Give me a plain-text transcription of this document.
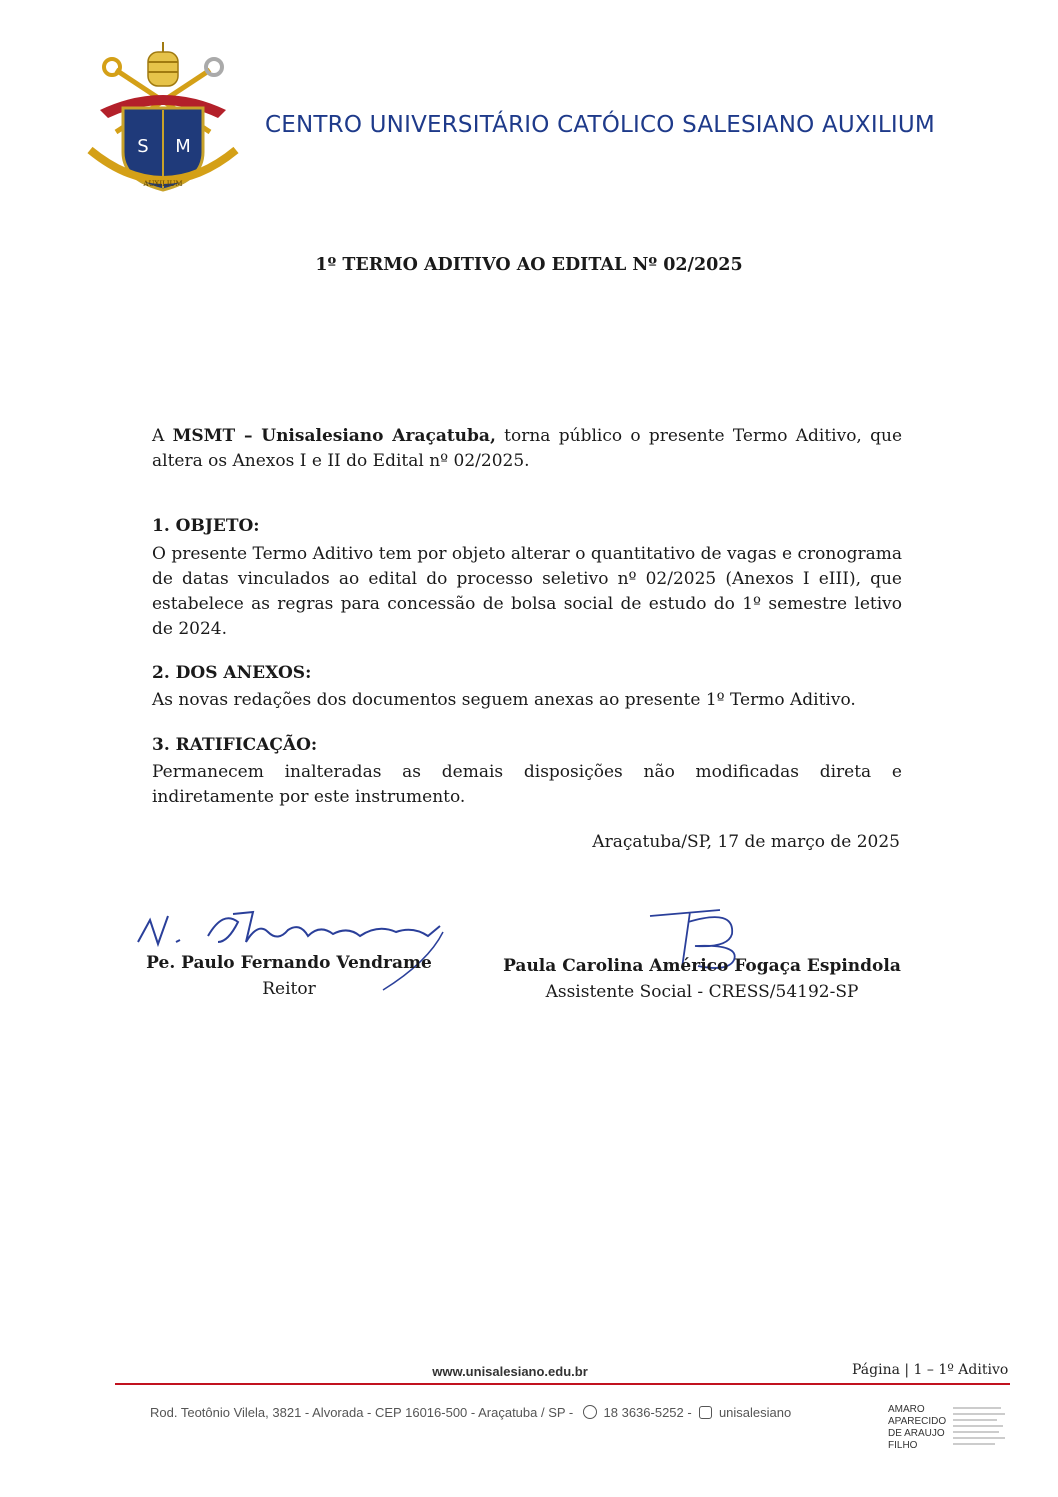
S M
AUXILIUM
CENTRO UNIVERSITÁRIO CATÓLICO SALESIANO AUXILIUM
1º TERMO ADITIVO AO EDITAL Nº 02/2025
A MSMT – Unisalesiano Araçatuba, torna público o presente Termo Aditivo, que altera os Anexos I e II do Edital nº 02/2025.
1. OBJETO:
O presente Termo Aditivo tem por objeto alterar o quantitativo de vagas e cronograma de datas vinculados ao edital do processo seletivo nº 02/2025 (Anexos I eIII), que estabelece as regras para concessão de bolsa social de estudo do 1º semestre letivo de 2024.
2. DOS ANEXOS:
As novas redações dos documentos seguem anexas ao presente 1º Termo Aditivo.
3. RATIFICAÇÃO:
Permanecem inalteradas as demais disposições não modificadas direta e indiretamente por este instrumento.
Araçatuba/SP, 17 de março de 2025
Pe. Paulo Fernando Vendrame
Reitor
Paula Carolina Américo Fogaça Espindola
Assistente Social - CRESS/54192-SP
www.unisalesiano.edu.br	Página | 1 – 1º Aditivo
Rod. Teotônio Vilela, 3821 - Alvorada - CEP 16016-500 - Araçatuba / SP - 18 3636-5252 - unisalesiano	AMARO
APARECIDO
DE ARAUJO
FILHO
